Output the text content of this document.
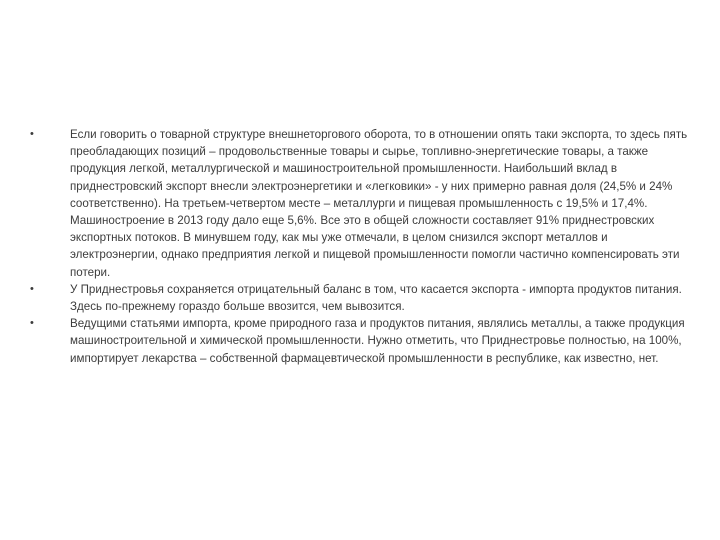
•	Если говорить о товарной структуре внешнеторгового оборота, то в отношении опять таки экспорта, то здесь пять преобладающих позиций – продовольственные товары и сырье, топливно-энергетические товары, а также продукция легкой, металлургической и машиностроительной промышленности. Наибольший вклад в приднестровский экспорт внесли электроэнергетики и «легковики» - у них примерно равная доля (24,5% и 24% соответственно). На третьем-четвертом месте – металлурги и пищевая промышленность с 19,5% и 17,4%. Машиностроение в 2013 году дало еще 5,6%. Все это в общей сложности составляет 91% приднестровских экспортных потоков. В минувшем году, как мы уже отмечали, в целом снизился экспорт металлов и электроэнергии, однако предприятия легкой и пищевой промышленности помогли частично компенсировать эти потери.
•	У Приднестровья сохраняется отрицательный баланс в том, что касается экспорта - импорта продуктов питания. Здесь по-прежнему гораздо больше ввозится, чем вывозится.
•	Ведущими статьями импорта, кроме природного газа и продуктов питания, являлись металлы, а также продукция машиностроительной и химической промышленности. Нужно отметить, что Приднестровье полностью, на 100%, импортирует лекарства – собственной фармацевтической промышленности в республике, как известно, нет.
